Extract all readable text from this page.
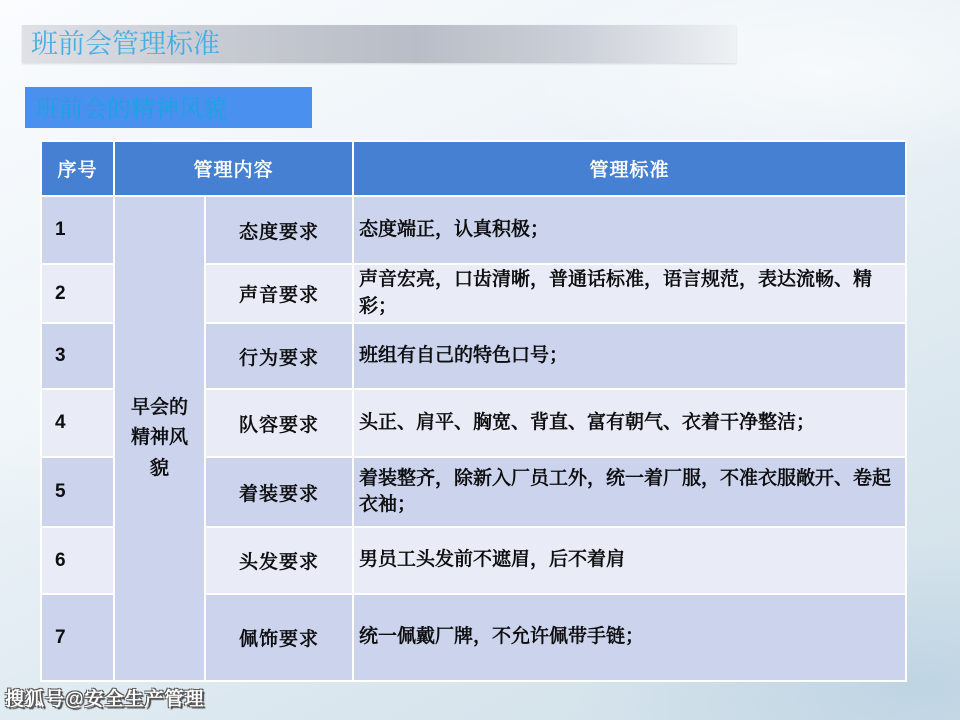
班前会管理标准
班前会的精神风貌
序号	管理内容		管理标准
1	早会的精神风貌	态度要求	态度端正，认真积极；
2		声音要求	声音宏亮，口齿清晰，普通话标准，语言规范，表达流畅、精彩；
3		行为要求	班组有自己的特色口号；
4		队容要求	头正、肩平、胸宽、背直、富有朝气、衣着干净整洁；
5		着装要求	着装整齐，除新入厂员工外，统一着厂服，不准衣服敞开、卷起衣袖；
6		头发要求	男员工头发前不遮眉，后不着肩
7		佩饰要求	统一佩戴厂牌，不允许佩带手链；
搜狐号@安全生产管理
